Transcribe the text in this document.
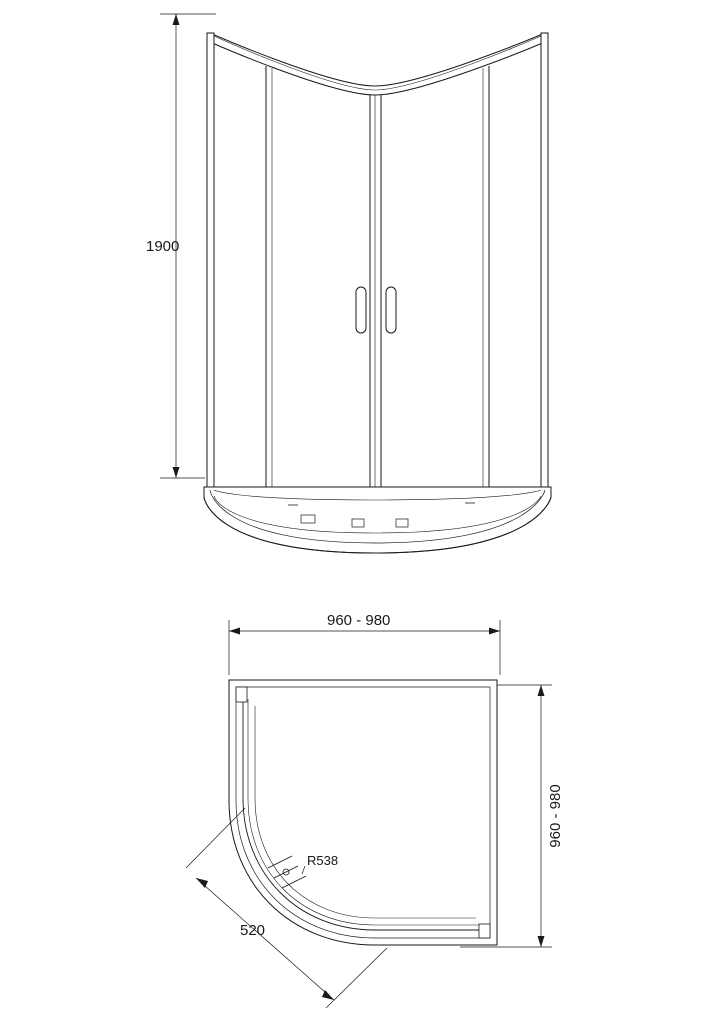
1900
960 - 980
960 - 980
520
R538
